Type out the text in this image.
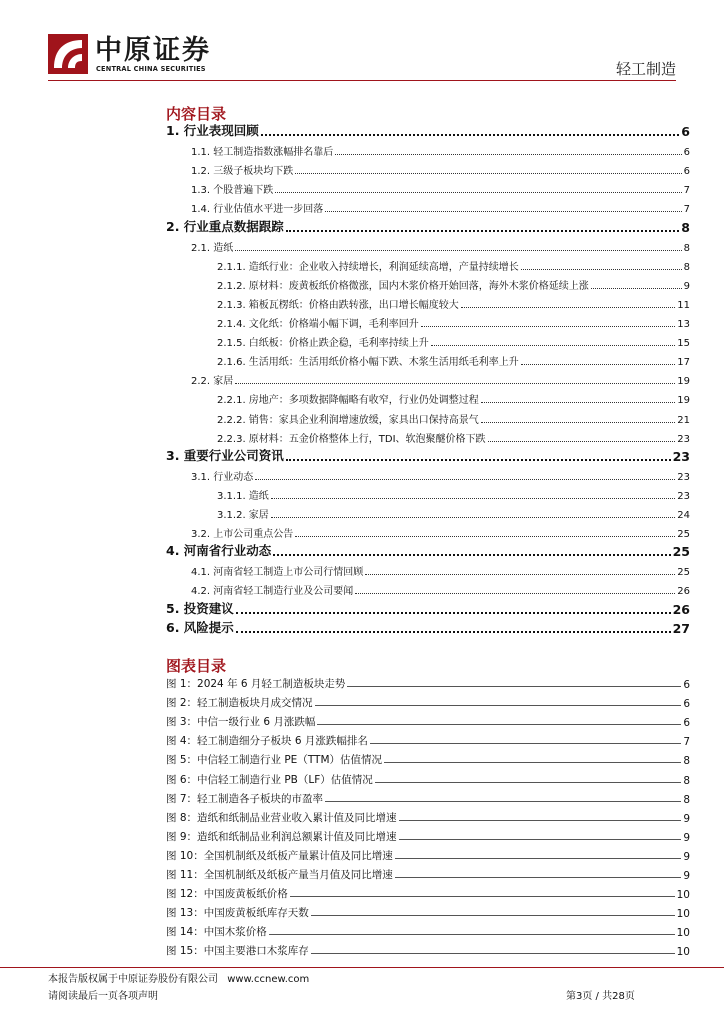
中原证券
CENTRAL CHINA SECURITIES	轻工制造
内容目录
1. 行业表现回顾	6
1.1. 轻工制造指数涨幅排名靠后	6
1.2. 三级子板块均下跌	6
1.3. 个股普遍下跌	7
1.4. 行业估值水平进一步回落	7
2. 行业重点数据跟踪	8
2.1. 造纸	8
2.1.1. 造纸行业：企业收入持续增长，利润延续高增，产量持续增长	8
2.1.2. 原材料：废黄板纸价格微涨，国内木浆价格开始回落，海外木浆价格延续上涨	9
2.1.3. 箱板瓦楞纸：价格由跌转涨，出口增长幅度较大	11
2.1.4. 文化纸：价格端小幅下调，毛利率回升	13
2.1.5. 白纸板：价格止跌企稳，毛利率持续上升	15
2.1.6. 生活用纸：生活用纸价格小幅下跌、木浆生活用纸毛利率上升	17
2.2. 家居	19
2.2.1. 房地产：多项数据降幅略有收窄，行业仍处调整过程	19
2.2.2. 销售：家具企业利润增速放缓，家具出口保持高景气	21
2.2.3. 原材料：五金价格整体上行，TDI、软泡聚醚价格下跌	23
3. 重要行业公司资讯	23
3.1. 行业动态	23
3.1.1. 造纸	23
3.1.2. 家居	24
3.2. 上市公司重点公告	25
4. 河南省行业动态	25
4.1. 河南省轻工制造上市公司行情回顾	25
4.2. 河南省轻工制造行业及公司要闻	26
5. 投资建议	26
6. 风险提示	27
图表目录
图 1：2024 年 6 月轻工制造板块走势	6
图 2：轻工制造板块月成交情况	6
图 3：中信一级行业 6 月涨跌幅	6
图 4：轻工制造细分子板块 6 月涨跌幅排名	7
图 5：中信轻工制造行业 PE（TTM）估值情况	8
图 6：中信轻工制造行业 PB（LF）估值情况	8
图 7：轻工制造各子板块的市盈率	8
图 8：造纸和纸制品业营业收入累计值及同比增速	9
图 9：造纸和纸制品业利润总额累计值及同比增速	9
图 10：全国机制纸及纸板产量累计值及同比增速	9
图 11：全国机制纸及纸板产量当月值及同比增速	9
图 12：中国废黄板纸价格	10
图 13：中国废黄板纸库存天数	10
图 14：中国木浆价格	10
图 15：中国主要港口木浆库存	10
本报告版权属于中原证券股份有限公司 www.ccnew.com
请阅读最后一页各项声明	第3页 / 共28页
